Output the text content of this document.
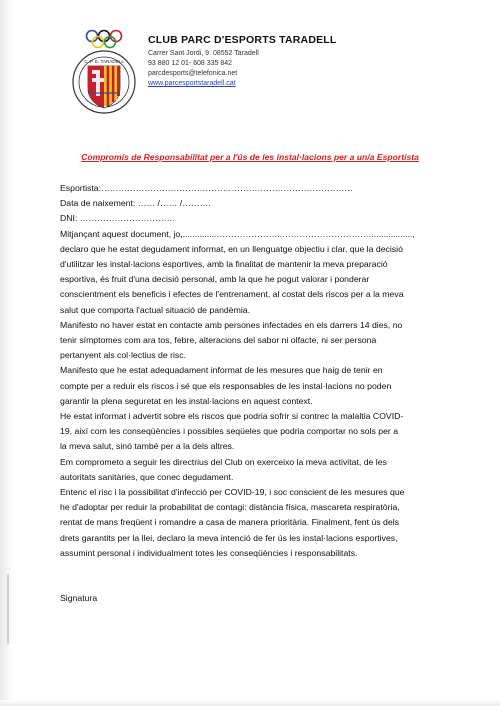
C. P. E. TARADELL
CLUB PARC D'ESPORTS TARADELL
Carrer Sant Jordi, 9. 08552 Taradell
93 880 12 01- 608 335 842
parcdesports@telefonica.net
www.parcesportstaradell.cat
Compromís de Responsabilitat per a l'ús de les instal·lacions per a un/a Esportista
Esportista:……………………………………………………………………………
Data de naixement: …… /…… /……….
DNI: ……………………………
Mitjançant aquest document, jo,..............…………………..……………………….….................,
declaro que he estat degudament informat, en un llenguatge objectiu i clar, que la decisió
d'utilitzar les instal·lacions esportives, amb la finalitat de mantenir la meva preparació
esportiva, és fruit d'una decisió personal, amb la que he pogut valorar i ponderar
conscientment els beneficis i efectes de l'entrenament, al costat dels riscos per a la meva
salut que comporta l'actual situació de pandèmia.
Manifesto no haver estat en contacte amb persones infectades en els darrers 14 dies, no
tenir símptomes com ara tos, febre, alteracions del sabor ni olfacte, ni ser persona
pertanyent als col·lectius de risc.
Manifesto que he estat adequadament informat de les mesures que haig de tenir en
compte per a reduir els riscos i sé que els responsables de les instal·lacions no poden
garantir la plena seguretat en les instal·lacions en aquest context.
He estat informat i advertit sobre els riscos que podria sofrir si contrec la malaltia COVID-
19, així com les conseqüències i possibles seqüeles que podria comportar no sols per a
la meva salut, sinó també per a la dels altres.
Em comprometo a seguir les directrius del Club on exerceixo la meva activitat, de les
autoritats sanitàries, que conec degudament.
Entenc el risc i la possibilitat d'infecció per COVID-19, i soc conscient de les mesures que
he d'adoptar per reduir la probabilitat de contagi: distància física, mascareta respiratòria,
rentat de mans freqüent i romandre a casa de manera prioritària. Finalment, fent ús dels
drets garantits per la llei, declaro la meva intenció de fer ús les instal·lacions esportives,
assumint personal i individualment totes les conseqüències i responsabilitats.
Signatura
